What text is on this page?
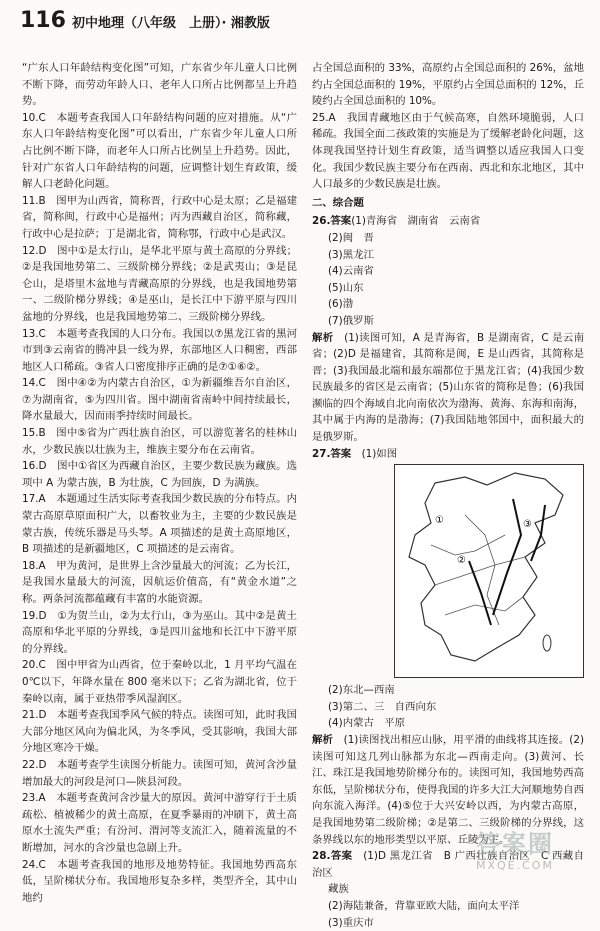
116 初中地理（八年级　上册）· 湘教版

“广东人口年龄结构变化图”可知，广东省少年儿童人口比例不断下降，而劳动年龄人口、老年人口所占比例都呈上升趋势。

10.C　本题考查我国人口年龄结构问题的应对措施。从“广东人口年龄结构变化图”可以看出，广东省少年儿童人口所占比例不断下降，而老年人口所占比例呈上升趋势。因此，针对广东省人口年龄结构的问题，应调整计划生育政策，缓解人口老龄化问题。

11.B　图甲为山西省，简称晋，行政中心是太原；乙是福建省，简称闽，行政中心是福州；丙为西藏自治区，简称藏，行政中心是拉萨；丁是湖北省，简称鄂，行政中心是武汉。

12.D　图中①是太行山，是华北平原与黄土高原的分界线；②是我国地势第二、三级阶梯分界线；②是武夷山；③是昆仑山，是塔里木盆地与青藏高原的分界线，也是我国地势第一、二级阶梯分界线；④是巫山，是长江中下游平原与四川盆地的分界线，也是我国地势第二、三级阶梯分界线。

13.C　本题考查我国的人口分布。我国以⑦黑龙江省的黑河市到③云南省的腾冲县一线为界，东部地区人口稠密，西部地区人口稀疏。③省人口密度排序正确的是⑦①⑥②。

14.C　图中④②为内蒙古自治区，①为新疆维吾尔自治区，⑦为湖南省，⑤为四川省。图中湖南省南岭中间持续最长，降水量最大，因而雨季持续时间最长。

15.B　图中⑤省为广西壮族自治区，可以游览著名的桂林山水，少数民族以壮族为主，维族主要分布在云南省。

16.D　图中①省区为西藏自治区，主要少数民族为藏族。选项中 A 为蒙古族，B 为壮族，C 为回族，D 为满族。

17.A　本题通过生活实际考查我国少数民族的分布特点。内蒙古高原草原面积广大，以畜牧业为主，主要的少数民族是蒙古族，传统乐器是马头琴。A 项描述的是黄土高原地区，B 项描述的是新疆地区，C 项描述的是云南省。

18.A　甲为黄河，是世界上含沙量最大的河流；乙为长江，是我国水量最大的河流，因航运价值高，有“黄金水道”之称。两条河流都蕴藏有丰富的水能资源。

19.D　①为贺兰山，②为太行山，③为巫山。其中②是黄土高原和华北平原的分界线，③是四川盆地和长江中下游平原的分界线。

20.C　图中甲省为山西省，位于秦岭以北，1 月平均气温在 0℃以下，年降水量在 800 毫米以下；乙省为湖北省，位于秦岭以南，属于亚热带季风湿润区。

21.D　本题考查我国季风气候的特点。读图可知，此时我国大部分地区风向为偏北风，为冬季风，受其影响，我国大部分地区寒冷干燥。

22.D　本题考查学生读图分析能力。读图可知，黄河含沙量增加最大的河段是河口—陕县河段。

23.A　本题考查黄河含沙量大的原因。黄河中游穿行于土质疏松、植被稀少的黄土高原，在夏季暴雨的冲刷下，黄土高原水土流失严重；有汾河、渭河等支流汇入，随着流量的不断增加，河水的含沙量也急剧上升。

24.C　本题考查我国的地形及地势特征。我国地势西高东低，呈阶梯状分布。我国地形复杂多样，类型齐全，其中山地约

占全国总面积的 33%，高原约占全国总面积的 26%，盆地约占全国总面积的 19%，平原约占全国总面积的 12%，丘陵约占全国总面积的 10%。

25.A　我国青藏地区由于气候高寒，自然环境脆弱，人口稀疏。我国全面二孩政策的实施是为了缓解老龄化问题，这体现我国坚持计划生育政策，适当调整以适应我国人口变化。我国少数民族主要分布在西南、西北和东北地区，其中人口最多的少数民族是壮族。

二、综合题

26.答案(1)青海省　湖南省　云南省

(2)闽　晋

(3)黑龙江

(4)云南省

(5)山东

(6)渤

(7)俄罗斯

解析　 (1)读图可知，A 是青海省，B 是湖南省，C 是云南省；(2)D 是福建省，其简称是闽，E 是山西省，其简称是晋；(3)我国最北端和最东端都位于黑龙江省；(4)我国少数民族最多的省区是云南省；(5)山东省的简称是鲁；(6)我国濒临的四个海域自北向南依次为渤海、黄海、东海和南海，其中属于内海的是渤海；(7)我国陆地邻国中，面积最大的是俄罗斯。

27.答案　 (1)如图

①
②
③

(2)东北—西南

(3)第二、三　自西向东

(4)内蒙古　平原

解析　 (1)读图找出相应山脉，用平滑的曲线将其连接。(2)读图可知这几列山脉都为东北—西南走向。(3)黄河、长江、珠江是我国地势阶梯分布的。读图可知，我国地势西高东低，呈阶梯状分布，使得我国的许多大江大河顺地势自西向东流入海洋。(4)⑤位于大兴安岭以西，为内蒙古高原，是我国地势第二级阶梯；②是第二、三级阶梯的分界线，这条界线以东的地形类型以平原、丘陵为主。

28.答案　 (1)D 黑龙江省　B 广西壮族自治区　C 西藏自治区

藏族

(2)海陆兼备，背靠亚欧大陆，面向太平洋

(3)重庆市

答案圈
MXQE.COM
